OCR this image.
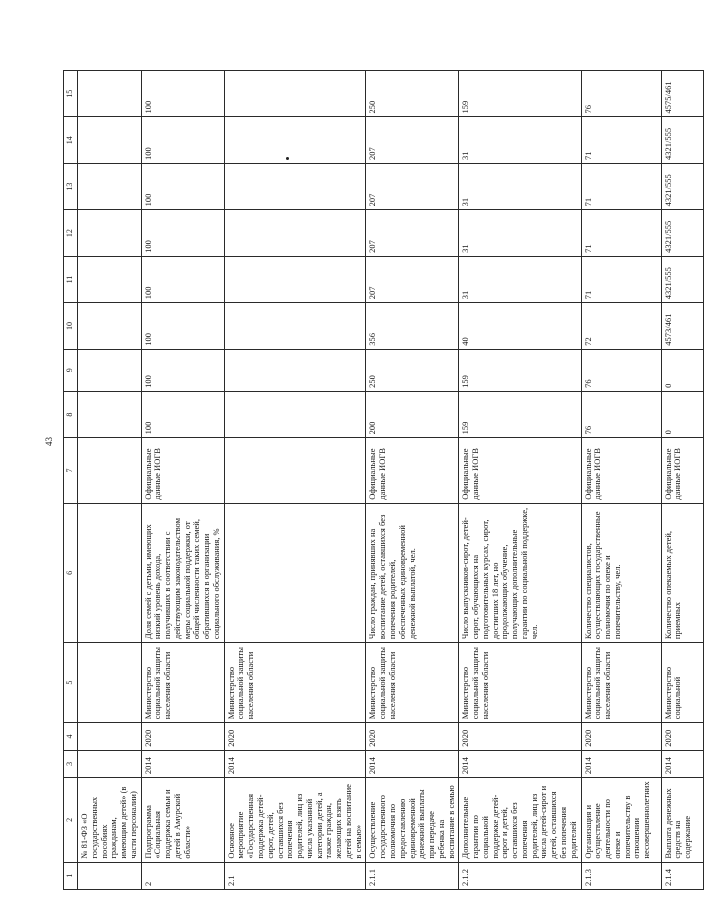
43
1	2	3	4	5	6	7	8	9	10	11	12	13	14	15
	№ 81-ФЗ «О государственных пособиях гражданам, имеющим детей» (в части персоналии)													
2	Подпрограмма «Социальная поддержка семьи и детей в Амурской области»	2014	2020	Министерство социальной защиты населения области	Доля семей с детьми, имеющих низкий уровень дохода, получивших в соответствии с действующим законодательством меры социальной поддержки, от общей численности таких семей, обратившихся в организации социального обслуживания, %	Официальные данные ИОГВ	100	100	100	100	100	100	100	100
2.1	Основное мероприятие «Государственная поддержка детей-сирот, детей, оставшихся без попечения родителей, лиц из числа указанной категории детей, а также граждан, желающих взять детей на воспитание в семью»	2014	2020	Министерство социальной защиты населения области										
2.1.1	Осуществление государственного полномочия по предоставлению единовременной денежной выплаты при передаче ребенка на воспитание в семью	2014	2020	Министерство социальной защиты населения области	Число граждан, принявших на воспитание детей, оставшихся без попечения родителей, обеспеченных единовременной денежной выплатой, чел.	Официальные данные ИОГВ	200	250	356	207	207	207	207	250
2.1.2	Дополнительные гарантии по социальной поддержке детей-сирот и детей, оставшихся без попечения родителей, лиц из числа детей-сирот и детей, оставшихся без попечения родителей	2014	2020	Министерство социальной защиты населения области	Число выпускников-сирот, детей-сирот, обучающихся на подготовительных курсах, сирот, достигших 18 лет, но продолжающих обучение, получающих дополнительные гарантии по социальной поддержке, чел.	Официальные данные ИОГВ	159	159	40	31	31	31	31	159
2.1.3	Организация и осуществление деятельности по опеке и попечительству в отношении несовершеннолетних	2014	2020	Министерство социальной защиты населения области	Количество специалистов, осуществляющих государственные полномочия по опеке и попечительству, чел.	Официальные данные ИОГВ	76	76	72	71	71	71	71	76
2.1.4	Выплата денежных средств на содержание	2014	2020	Министерство социальной	Количество опекаемых детей, приемных	Официальные данные ИОГВ	0	0	4573/461	4321/555	4321/555	4321/555	4321/555	4575/461
